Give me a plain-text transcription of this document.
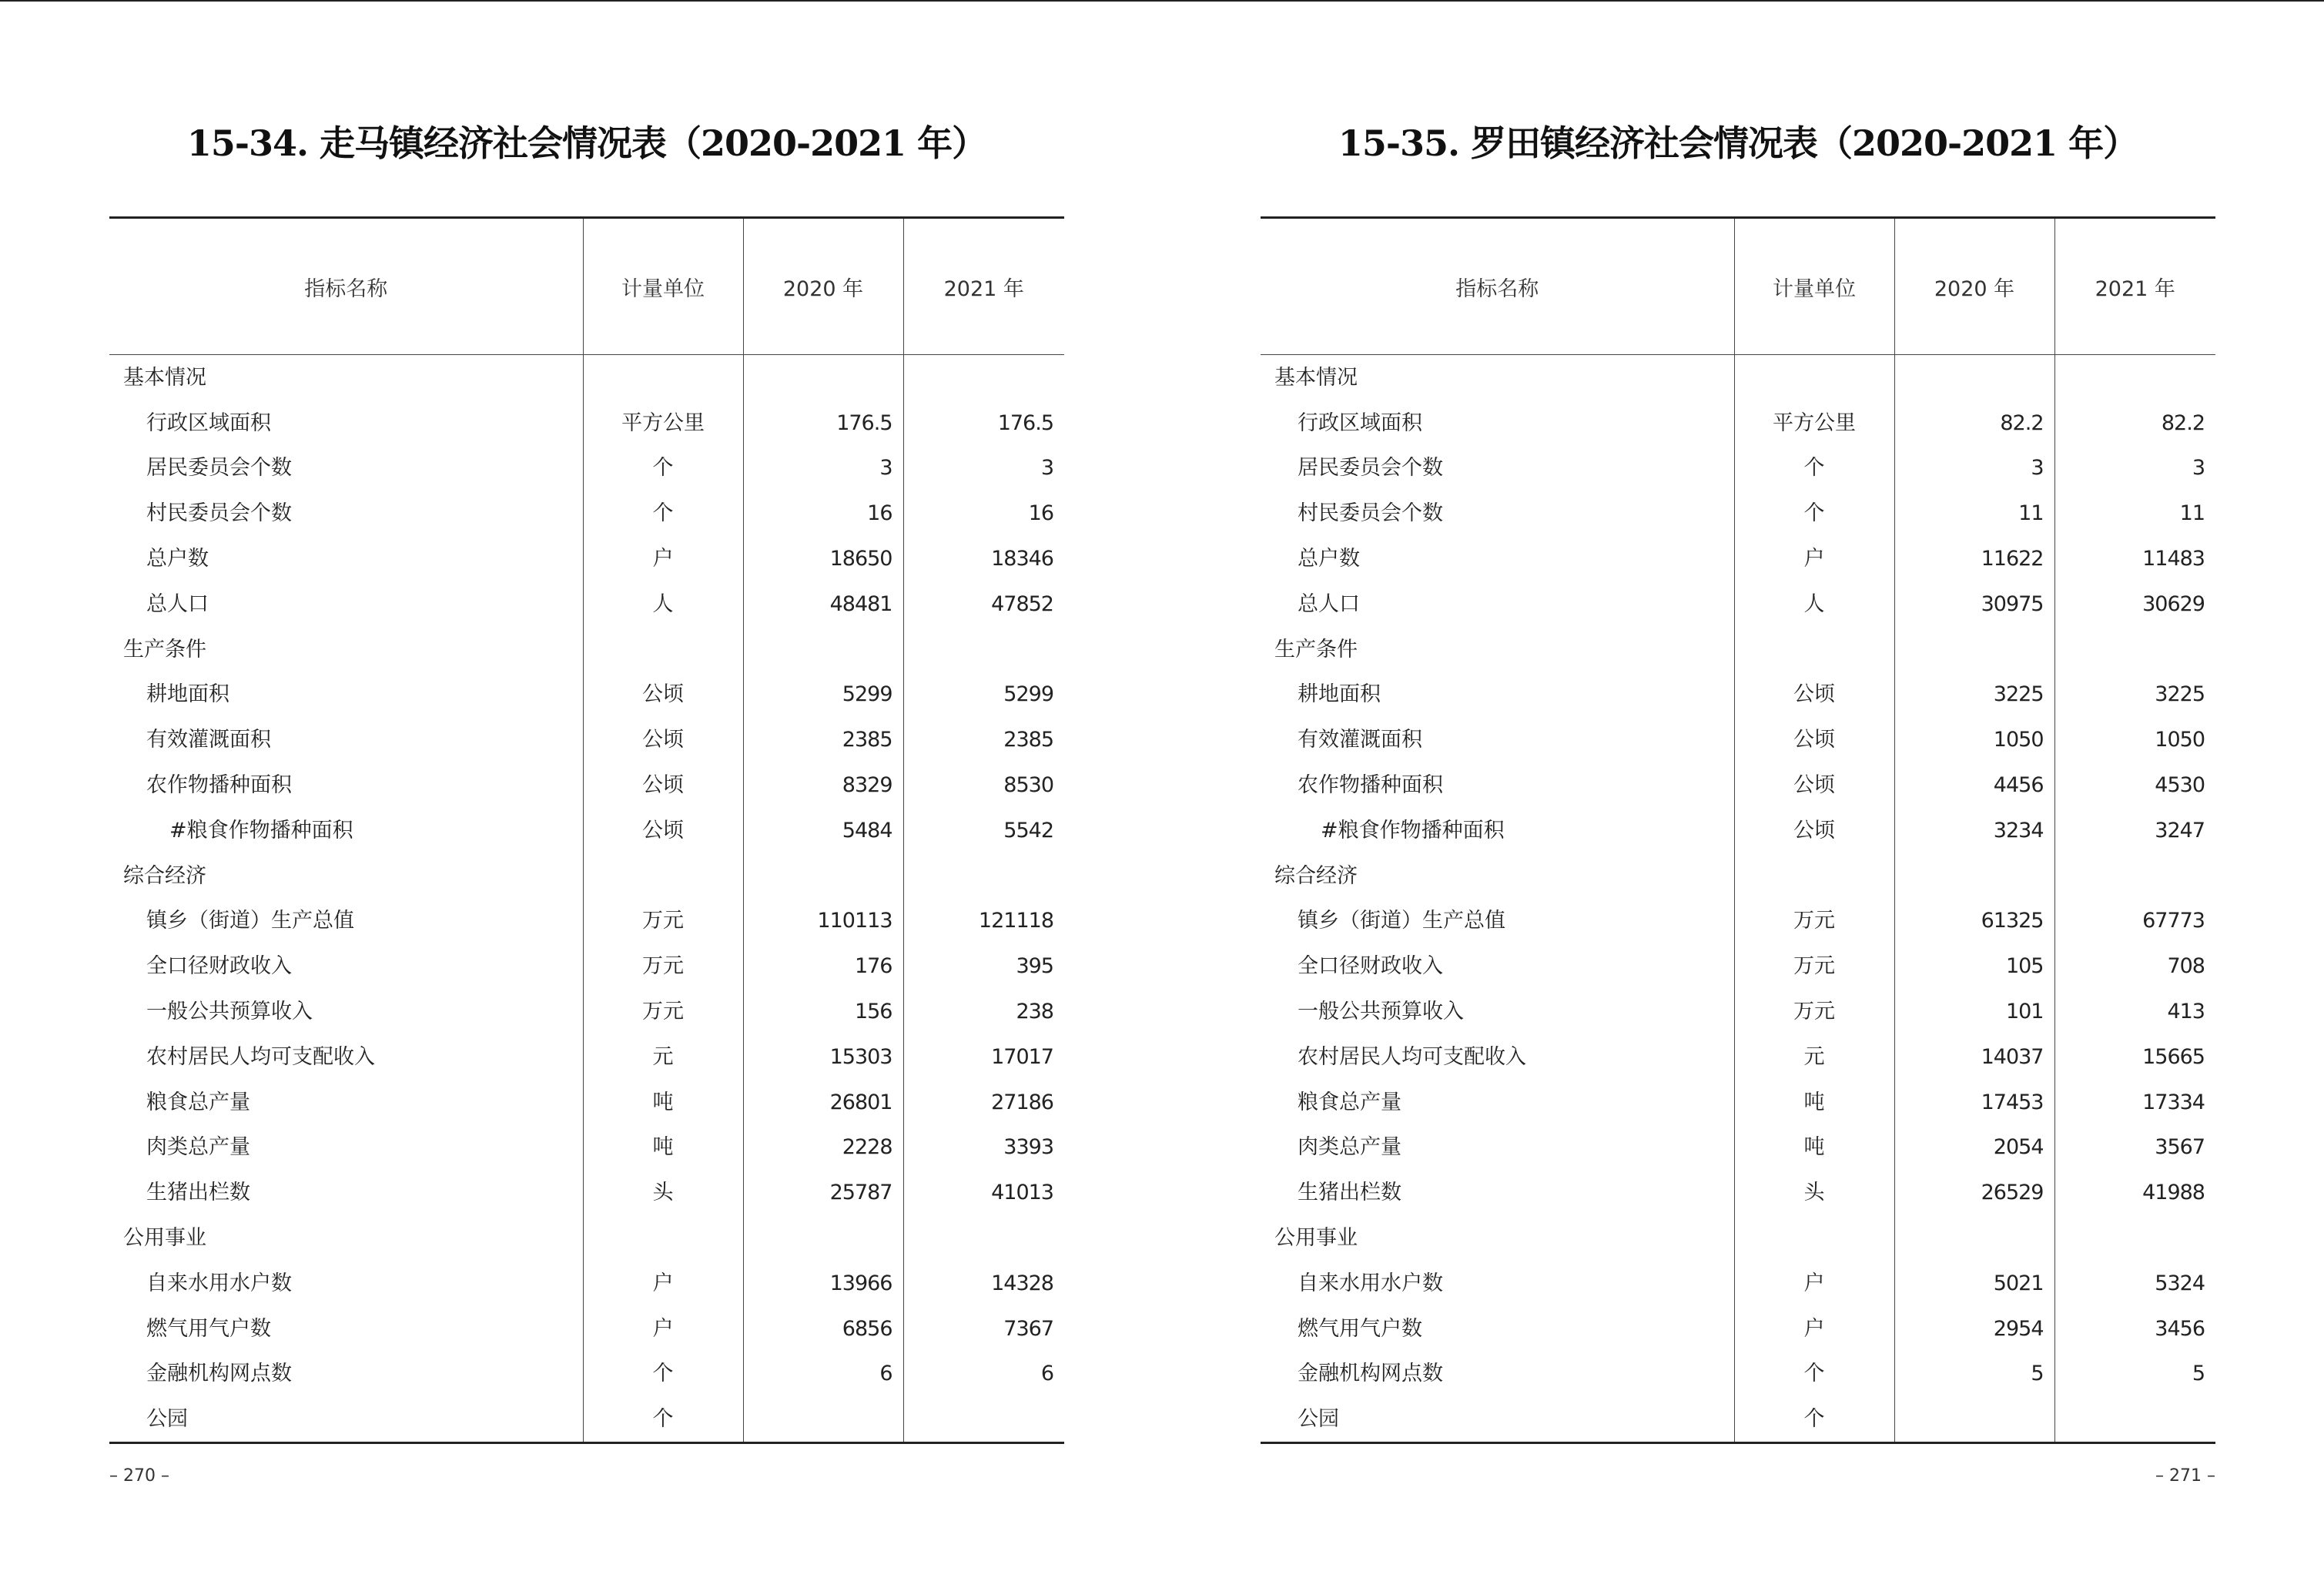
15-34. 走马镇经济社会情况表（2020-2021 年）
指标名称	计量单位	2020 年	2021 年
基本情况			
行政区域面积	平方公里	176.5	176.5
居民委员会个数	个	3	3
村民委员会个数	个	16	16
总户数	户	18650	18346
总人口	人	48481	47852
生产条件			
耕地面积	公顷	5299	5299
有效灌溉面积	公顷	2385	2385
农作物播种面积	公顷	8329	8530
#粮食作物播种面积	公顷	5484	5542
综合经济			
镇乡（街道）生产总值	万元	110113	121118
全口径财政收入	万元	176	395
一般公共预算收入	万元	156	238
农村居民人均可支配收入	元	15303	17017
粮食总产量	吨	26801	27186
肉类总产量	吨	2228	3393
生猪出栏数	头	25787	41013
公用事业			
自来水用水户数	户	13966	14328
燃气用气户数	户	6856	7367
金融机构网点数	个	6	6
公园	个		
– 270 –
15-35. 罗田镇经济社会情况表（2020-2021 年）
指标名称	计量单位	2020 年	2021 年
基本情况			
行政区域面积	平方公里	82.2	82.2
居民委员会个数	个	3	3
村民委员会个数	个	11	11
总户数	户	11622	11483
总人口	人	30975	30629
生产条件			
耕地面积	公顷	3225	3225
有效灌溉面积	公顷	1050	1050
农作物播种面积	公顷	4456	4530
#粮食作物播种面积	公顷	3234	3247
综合经济			
镇乡（街道）生产总值	万元	61325	67773
全口径财政收入	万元	105	708
一般公共预算收入	万元	101	413
农村居民人均可支配收入	元	14037	15665
粮食总产量	吨	17453	17334
肉类总产量	吨	2054	3567
生猪出栏数	头	26529	41988
公用事业			
自来水用水户数	户	5021	5324
燃气用气户数	户	2954	3456
金融机构网点数	个	5	5
公园	个		
– 271 –
